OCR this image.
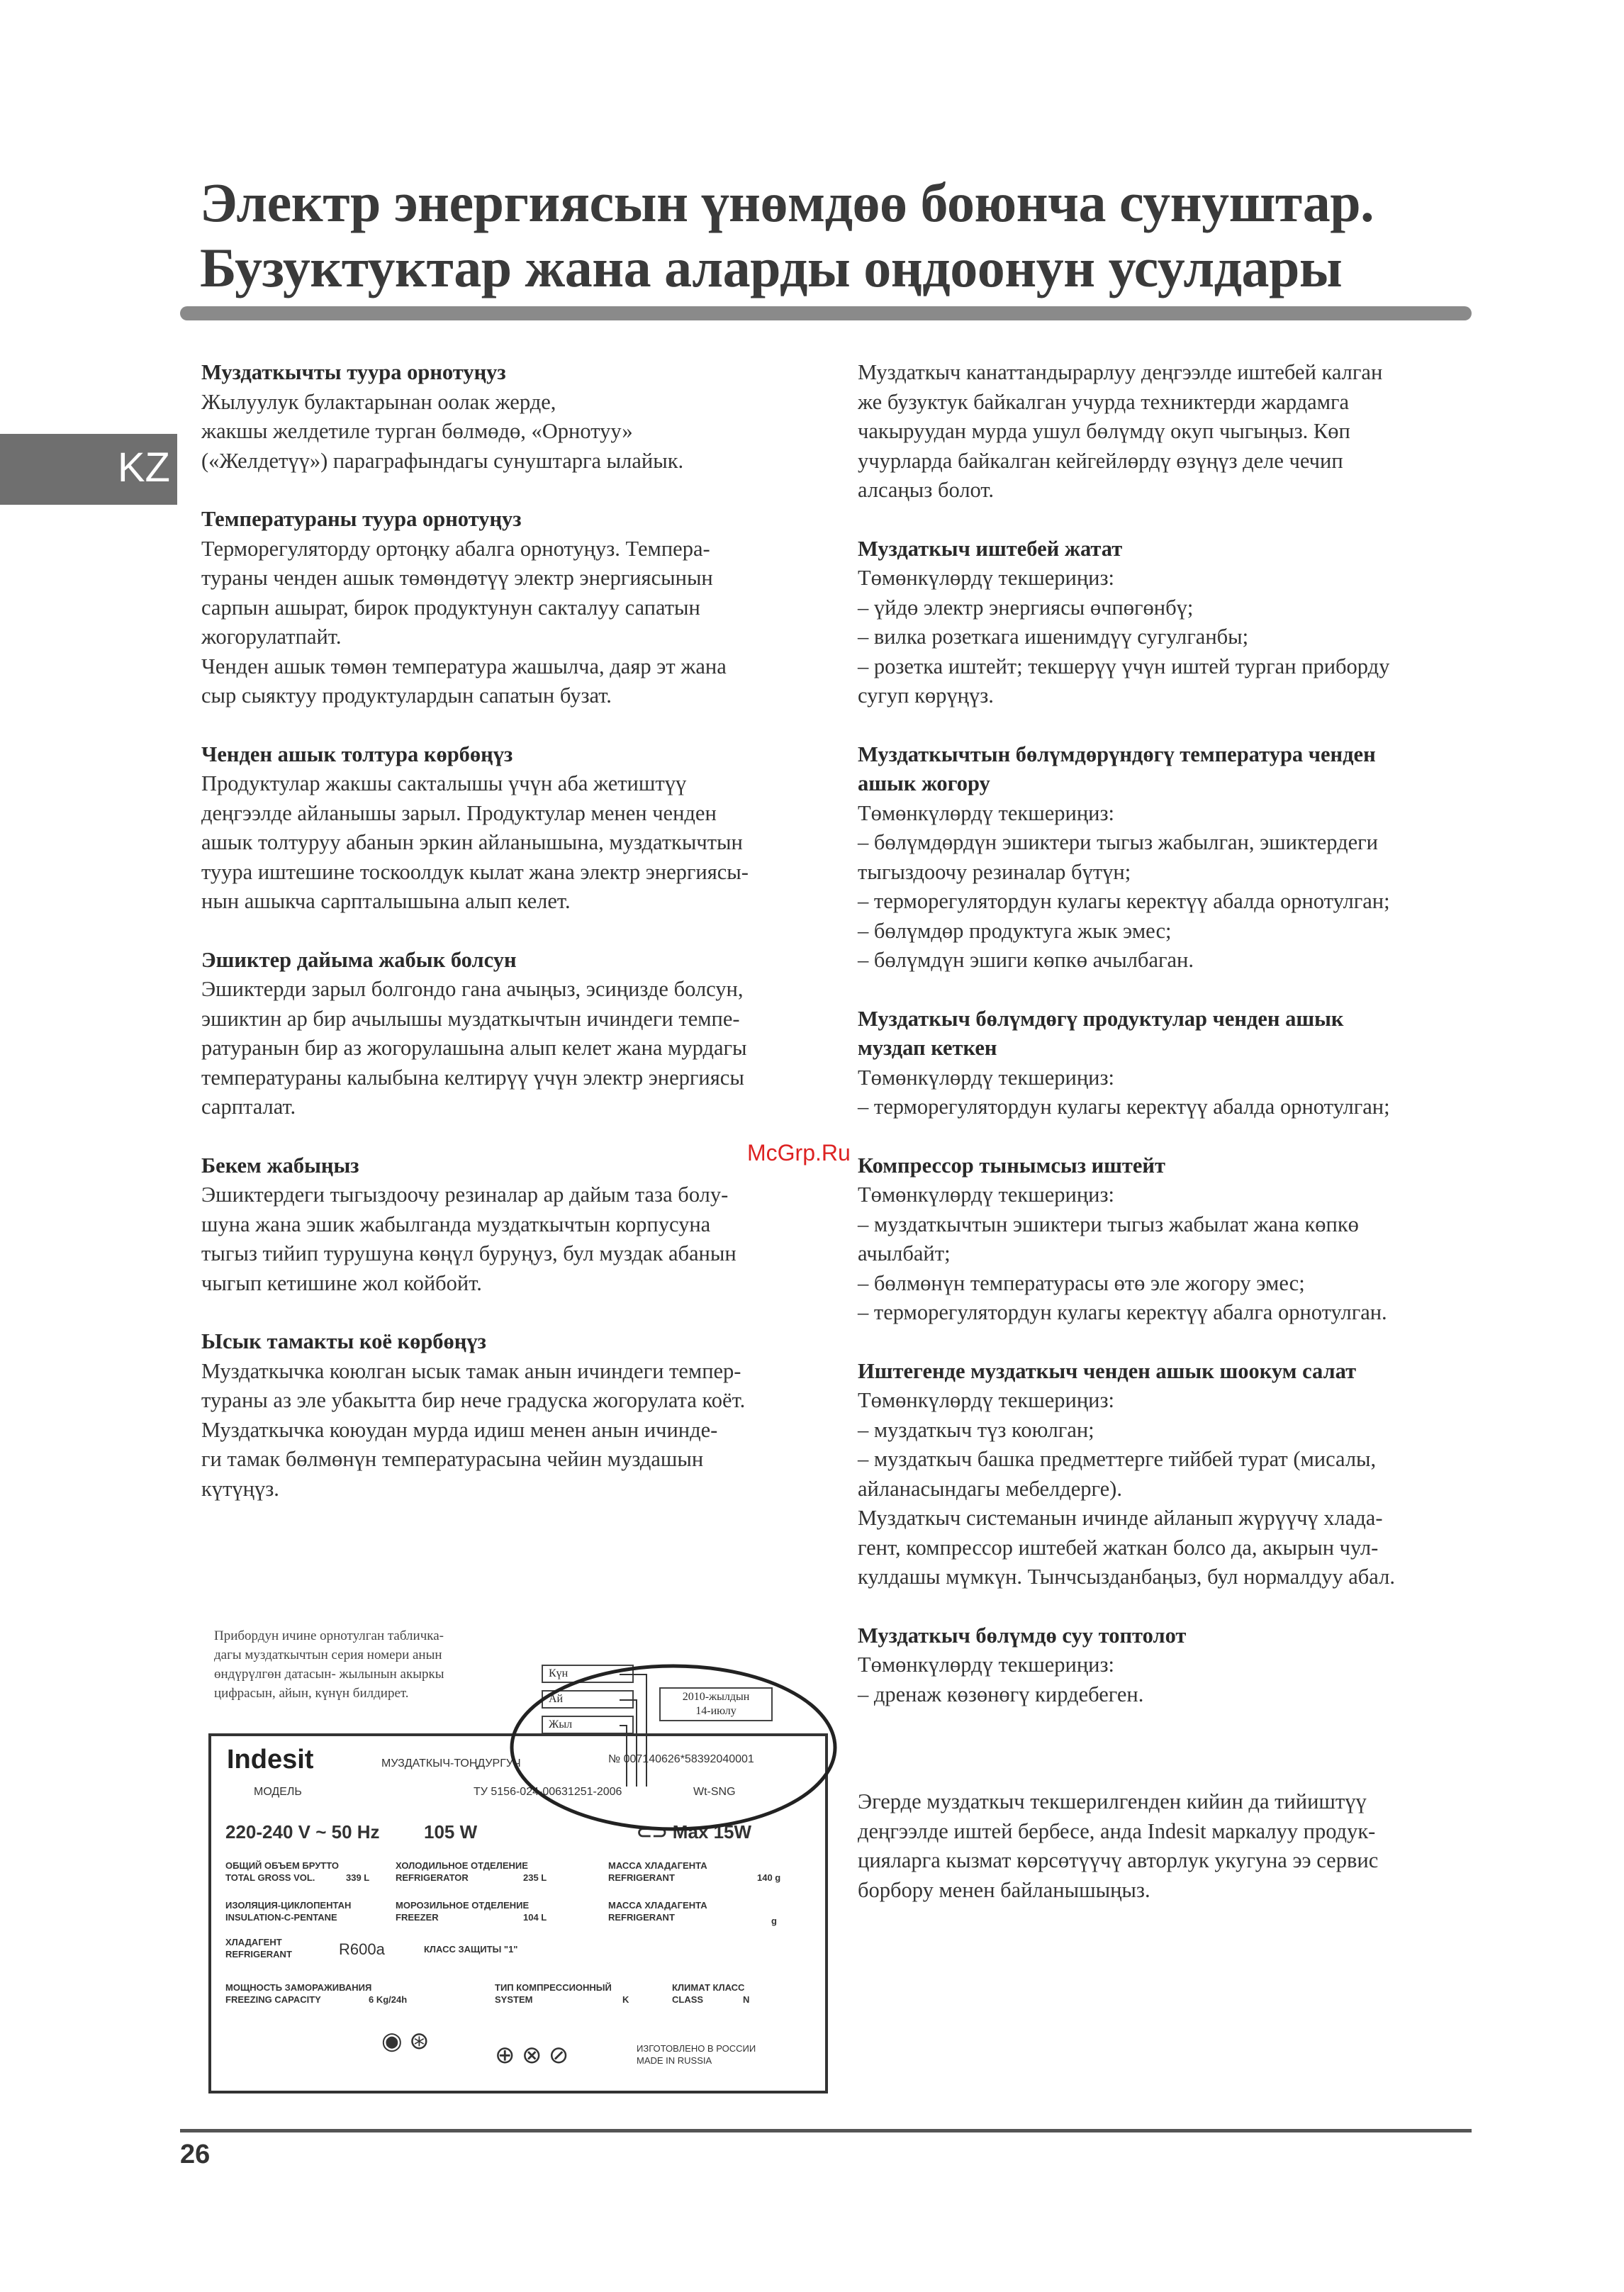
Электр энергиясын үнөмдөө боюнча сунуштар.
Бузуктуктар жана аларды оңдоонун усулдары
KZ
Муздаткычты туура орнотуңуз

Жылуулук булактарынан оолак жерде,
жакшы желдетиле турган бөлмөдө, «Орнотуу»
(«Желдетүү») параграфындагы сунуштарга ылайык.

Температураны туура орнотуңуз

Терморегуляторду ортоңку абалга орнотуңуз. Темпера-
тураны ченден ашык төмөндөтүү электр энергиясынын
сарпын ашырат, бирок продуктунун сакталуу сапатын
жогорулатпайт.
Ченден ашык төмөн температура жашылча, даяр эт жана
сыр сыяктуу продуктулардын сапатын бузат.

Ченден ашык толтура көрбөңүз

Продуктулар жакшы сакталышы үчүн аба жетиштүү
деңгээлде айланышы зарыл. Продуктулар менен ченден
ашык толтуруу абанын эркин айланышына, муздаткычтын
туура иштешине тоскоолдук кылат жана электр энергиясы-
нын ашыкча сарпталышына алып келет.

Эшиктер дайыма жабык болсун

Эшиктерди зарыл болгондо гана ачыңыз, эсиңизде болсун,
эшиктин ар бир ачылышы муздаткычтын ичиндеги темпе-
ратуранын бир аз жогорулашына алып келет жана мурдагы
температураны калыбына келтирүү үчүн электр энергиясы
сарпталат.

Бекем жабыңыз

Эшиктердеги тыгыздоочу резиналар ар дайым таза болу-
шуна жана эшик жабылганда муздаткычтын корпусуна
тыгыз тийип турушуна көңүл буруңуз, бул муздак абанын
чыгып кетишине жол койбойт.

Ысык тамакты коё көрбөңүз

Муздаткычка коюлган ысык тамак анын ичиндеги темпер-
тураны аз эле убакытта бир нече градуска жогорулата коёт.
Муздаткычка коюудан мурда идиш менен анын ичинде-
ги тамак бөлмөнүн температурасына чейин муздашын
күтүңүз.

Муздаткыч канаттандырарлуу деңгээлде иштебей калган
же бузуктук байкалган учурда техниктерди жардамга
чакыруудан мурда ушул бөлүмдү окуп чыгыңыз. Көп
учурларда байкалган кейгейлөрдү өзүңүз деле чечип
алсаңыз болот.

Муздаткыч иштебей жатат

Төмөнкүлөрдү текшериңиз:
– үйдө электр энергиясы өчпөгөнбү;
– вилка розеткага ишенимдүү сугулганбы;
– розетка иштейт; текшерүү үчүн иштей турган приборду
сугуп көрүңүз.

Муздаткычтын бөлүмдөрүндөгү температура ченден
ашык жогору

Төмөнкүлөрдү текшериңиз:
– бөлүмдөрдүн эшиктери тыгыз жабылган, эшиктердеги
тыгыздоочу резиналар бүтүн;
– терморегулятордун кулагы керектүү абалда орнотулган;
– бөлүмдөр продуктуга жык эмес;
– бөлүмдүн эшиги көпкө ачылбаган.

Муздаткыч бөлүмдөгү продуктулар ченден ашык
муздап кеткен

Төмөнкүлөрдү текшериңиз:
– терморегулятордун кулагы керектүү абалда орнотулган;

Компрессор тынымсыз иштейт

Төмөнкүлөрдү текшериңиз:
– муздаткычтын эшиктери тыгыз жабылат жана көпкө
ачылбайт;
– бөлмөнүн температурасы өтө эле жогору эмес;
– терморегулятордун кулагы керектүү абалга орнотулган.

Иштегенде муздаткыч ченден ашык шоокум салат

Төмөнкүлөрдү текшериңиз:
– муздаткыч түз коюлган;
– муздаткыч башка предметтерге тийбей турат (мисалы,
айланасындагы мебелдерге).
Муздаткыч системанын ичинде айланып жүрүүчү хлада-
гент, компрессор иштебей жаткан болсо да, акырын чул-
кулдашы мүмкүн. Тынчсызданбаңыз, бул нормалдуу абал.

Муздаткыч бөлүмдө суу топтолот

Төмөнкүлөрдү текшериңиз:
– дренаж көзөнөгү кирдебеген.

Эгерде муздаткыч текшерилгенден кийин да тийиштүү
деңгээлде иштей бербесе, анда Indesit маркалуу продук-
цияларга кызмат көрсөтүүчү авторлук укугуна ээ сервис
борбору менен байланышыңыз.

McGrp.Ru
Прибордун ичине орнотулган табличка-
дагы муздаткычтын серия номери анын
өндүрүлгөн датасын- жылынын акыркы
цифрасын, айын, күнүн билдирет.
Күн
Ай
Жыл
2010-жылдын
14-июлу
Indesit	МУЗДАТКЫЧ-ТОҢДУРГУЧ	№ 007140626*58392040001
МОДЕЛЬ	ТУ 5156-024-00631251-2006	Wt-SNG
220-240 V ~ 50 Hz 105 W	⊂⊃ Max 15W
ОБЩИЙ ОБЪЕМ БРУТТО
TOTAL GROSS VOL.	339 L
ХОЛОДИЛЬНОЕ ОТДЕЛЕНИЕ
REFRIGERATOR	235 L
МАССА ХЛАДАГЕНТА
REFRIGERANT	140 g
ИЗОЛЯЦИЯ-ЦИКЛОПЕНТАН
INSULATION-C-PENTANE
МОРОЗИЛЬНОЕ ОТДЕЛЕНИЕ
FREEZER	104 L
МАССА ХЛАДАГЕНТА
REFRIGERANT	g
ХЛАДАГЕНТ
REFRIGERANT	R600a	КЛАСС ЗАЩИТЫ "1"
МОЩНОСТЬ ЗАМОРАЖИВАНИЯ
FREEZING CAPACITY	6 Kg/24h
ТИП КОМПРЕССИОННЫЙ
SYSTEM	K
КЛИМАТ КЛАСС
CLASS	N
◉ ⊛
⊕ ⊗ ⊘	ИЗГОТОВЛЕНО В РОССИИ
MADE IN RUSSIA
26
